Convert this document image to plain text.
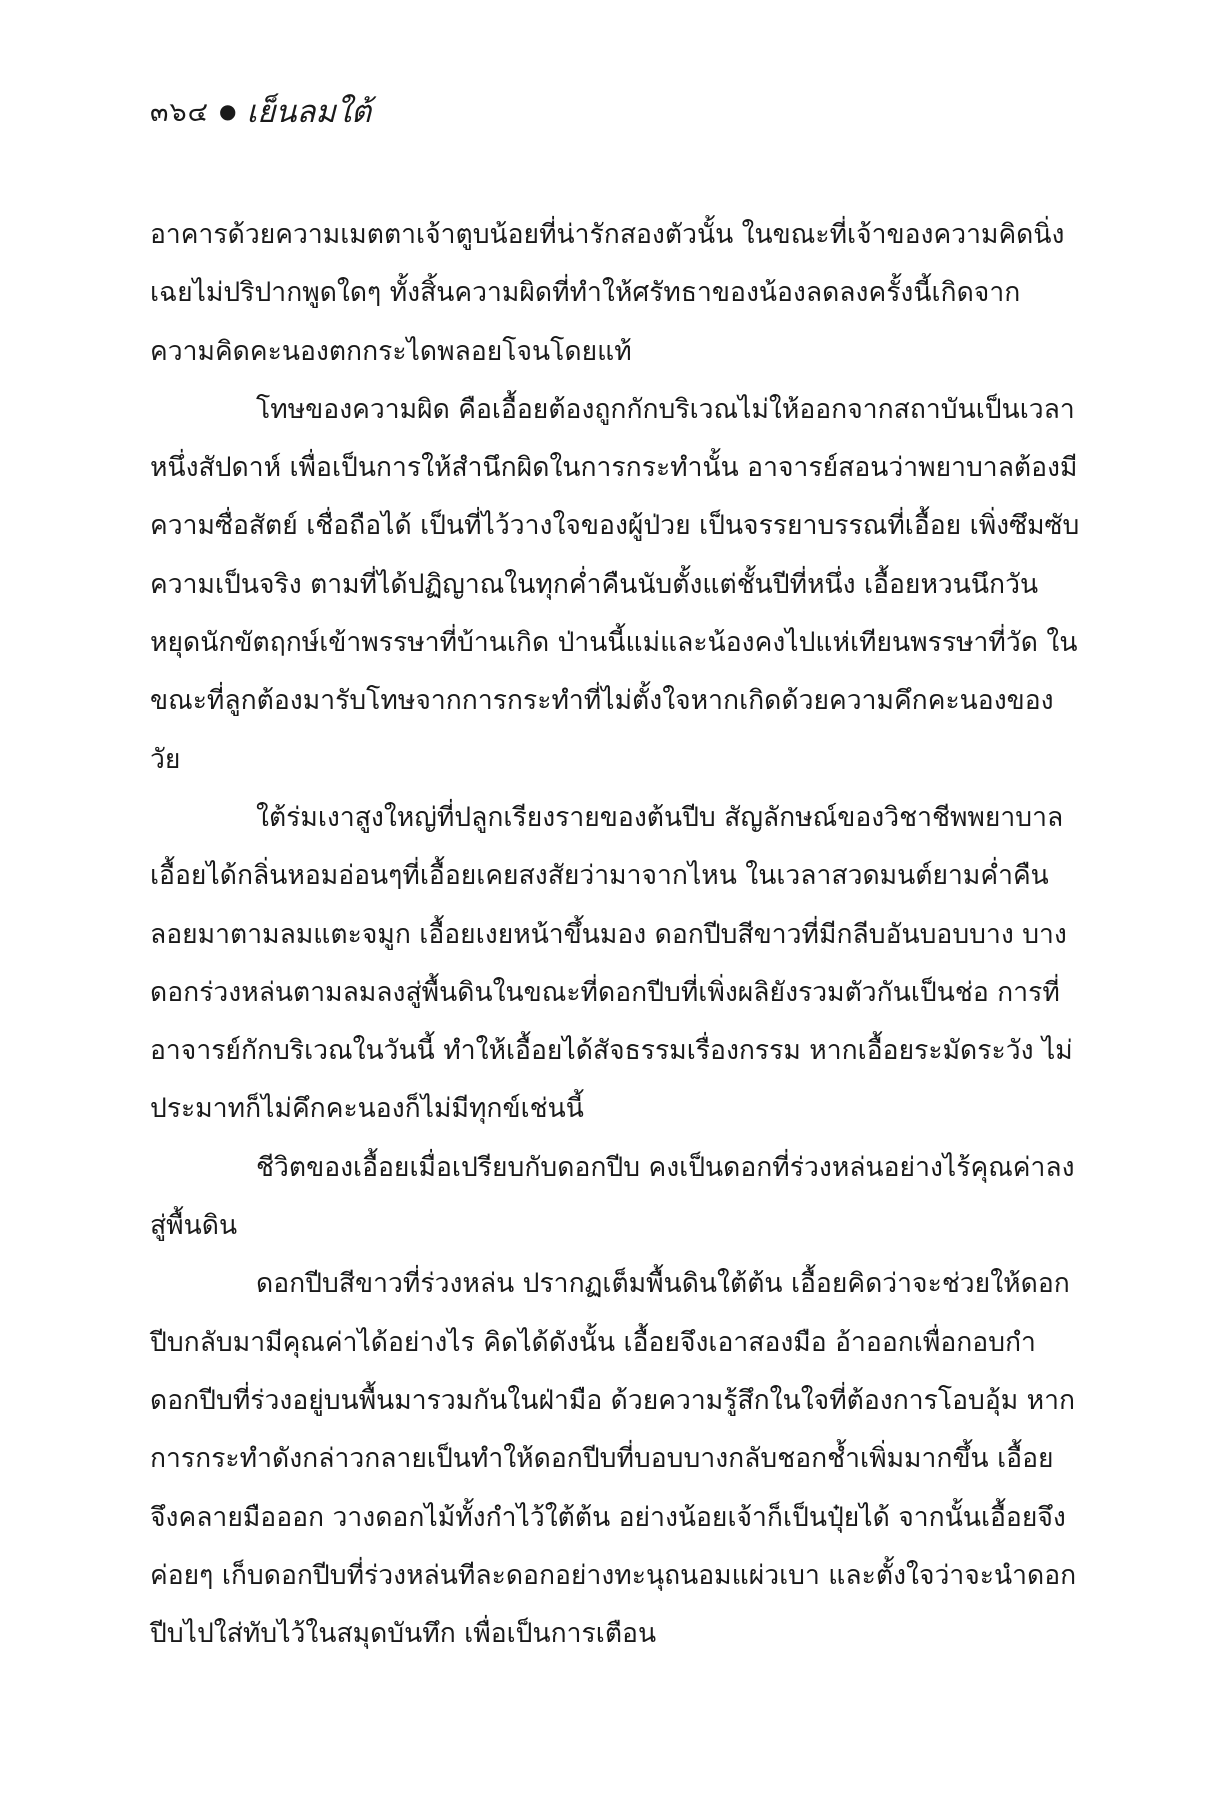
๓๖๔ ● เย็นลมใต้

อาคารด้วยความเมตตาเจ้าตูบน้อยที่น่ารักสองตัวนั้น ในขณะที่เจ้าของความคิดนิ่งเฉยไม่ปริปากพูดใดๆ ทั้งสิ้นความผิดที่ทำให้ศรัทธาของน้องลดลงครั้งนี้เกิดจากความคิดคะนองตกกระไดพลอยโจนโดยแท้

โทษของความผิด คือเอื้อยต้องถูกกักบริเวณไม่ให้ออกจากสถาบันเป็นเวลาหนึ่งสัปดาห์ เพื่อเป็นการให้สำนึกผิดในการกระทำนั้น อาจารย์สอนว่าพยาบาลต้องมีความซื่อสัตย์ เชื่อถือได้ เป็นที่ไว้วางใจของผู้ป่วย เป็นจรรยาบรรณที่เอื้อย เพิ่งซึมซับความเป็นจริง ตามที่ได้ปฏิญาณในทุกค่ำคืนนับตั้งแต่ชั้นปีที่หนึ่ง เอื้อยหวนนึกวันหยุดนักขัตฤกษ์เข้าพรรษาที่บ้านเกิด ป่านนี้แม่และน้องคงไปแห่เทียนพรรษาที่วัด ในขณะที่ลูกต้องมารับโทษจากการกระทำที่ไม่ตั้งใจหากเกิดด้วยความคึกคะนองของวัย

ใต้ร่มเงาสูงใหญ่ที่ปลูกเรียงรายของต้นปีบ สัญลักษณ์ของวิชาชีพพยาบาล เอื้อยได้กลิ่นหอมอ่อนๆที่เอื้อยเคยสงสัยว่ามาจากไหน ในเวลาสวดมนต์ยามค่ำคืน ลอยมาตามลมแตะจมูก เอื้อยเงยหน้าขึ้นมอง ดอกปีบสีขาวที่มีกลีบอันบอบบาง บางดอกร่วงหล่นตามลมลงสู่พื้นดินในขณะที่ดอกปีบที่เพิ่งผลิยังรวมตัวกันเป็นช่อ การที่อาจารย์กักบริเวณในวันนี้ ทำให้เอื้อยได้สัจธรรมเรื่องกรรม หากเอื้อยระมัดระวัง ไม่ประมาทก็ไม่คึกคะนองก็ไม่มีทุกข์เช่นนี้

ชีวิตของเอื้อยเมื่อเปรียบกับดอกปีบ คงเป็นดอกที่ร่วงหล่นอย่างไร้คุณค่าลงสู่พื้นดิน

ดอกปีบสีขาวที่ร่วงหล่น ปรากฏเต็มพื้นดินใต้ต้น เอื้อยคิดว่าจะช่วยให้ดอกปีบกลับมามีคุณค่าได้อย่างไร คิดได้ดังนั้น เอื้อยจึงเอาสองมือ อ้าออกเพื่อกอบกำดอกปีบที่ร่วงอยู่บนพื้นมารวมกันในฝ่ามือ ด้วยความรู้สึกในใจที่ต้องการโอบอุ้ม หากการกระทำดังกล่าวกลายเป็นทำให้ดอกปีบที่บอบบางกลับชอกช้ำเพิ่มมากขึ้น เอื้อยจึงคลายมือออก วางดอกไม้ทั้งกำไว้ใต้ต้น อย่างน้อยเจ้าก็เป็นปุ๋ยได้ จากนั้นเอื้อยจึงค่อยๆ เก็บดอกปีบที่ร่วงหล่นทีละดอกอย่างทะนุถนอมแผ่วเบา และตั้งใจว่าจะนำดอกปีบไปใส่ทับไว้ในสมุดบันทึก เพื่อเป็นการเตือน
